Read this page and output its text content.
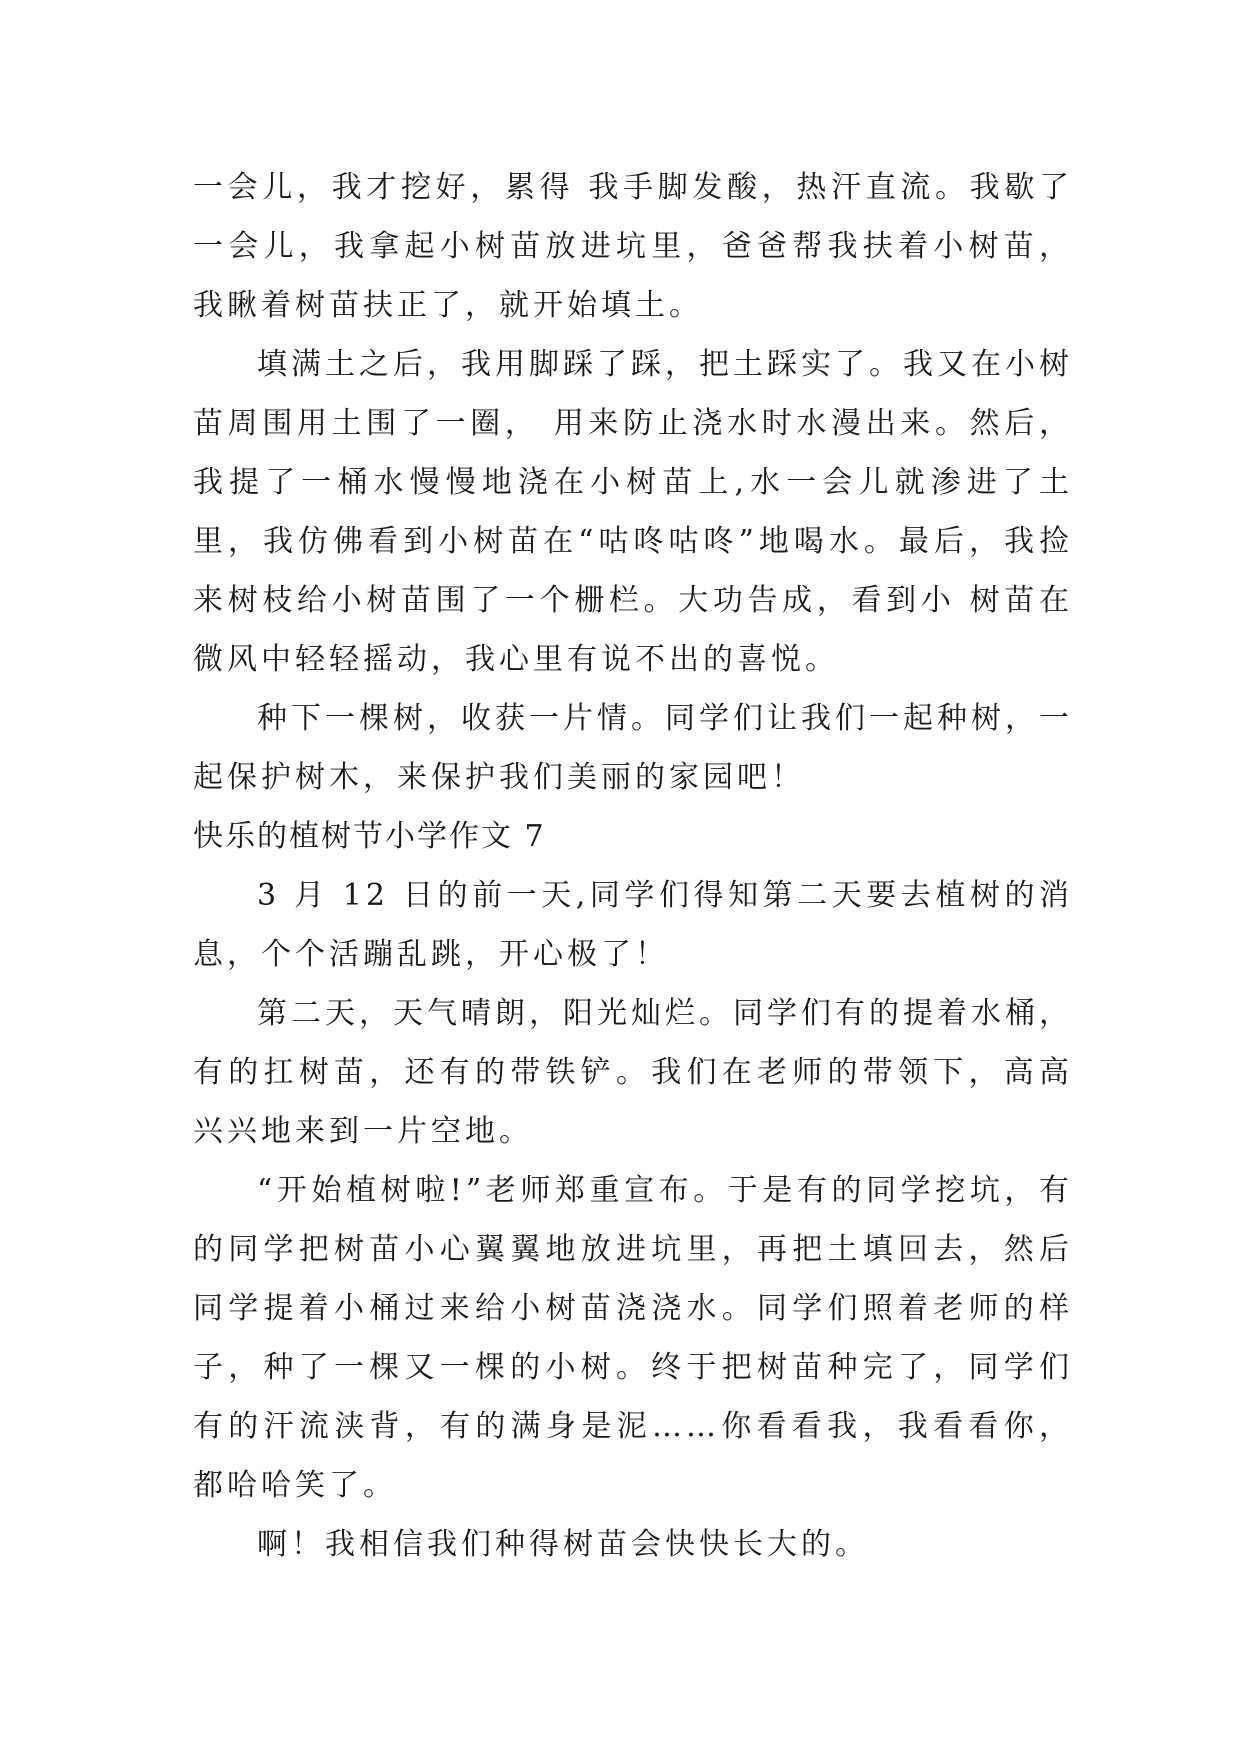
一会儿，我才挖好，累得 我手脚发酸，热汗直流。我歇了一会儿，我拿起小树苗放进坑里，爸爸帮我扶着小树苗，我瞅着树苗扶正了，就开始填土。

填满土之后，我用脚踩了踩，把土踩实了。我又在小树苗周围用土围了一圈， 用来防止浇水时水漫出来。然后，我提了一桶水慢慢地浇在小树苗上,水一会儿就渗进了土里，我仿佛看到小树苗在“咕咚咕咚”地喝水。最后，我捡来树枝给小树苗围了一个栅栏。大功告成，看到小 树苗在微风中轻轻摇动，我心里有说不出的喜悦。

种下一棵树，收获一片情。同学们让我们一起种树，一起保护树木，来保护我们美丽的家园吧！

快乐的植树节小学作文 7

3 月 12 日的前一天,同学们得知第二天要去植树的消息，个个活蹦乱跳，开心极了！

第二天，天气晴朗，阳光灿烂。同学们有的提着水桶，有的扛树苗，还有的带铁铲。我们在老师的带领下，高高兴兴地来到一片空地。

“开始植树啦!”老师郑重宣布。于是有的同学挖坑，有的同学把树苗小心翼翼地放进坑里，再把土填回去，然后同学提着小桶过来给小树苗浇浇水。同学们照着老师的样子，种了一棵又一棵的小树。终于把树苗种完了，同学们有的汗流浃背，有的满身是泥……你看看我，我看看你，都哈哈笑了。

啊！我相信我们种得树苗会快快长大的。
